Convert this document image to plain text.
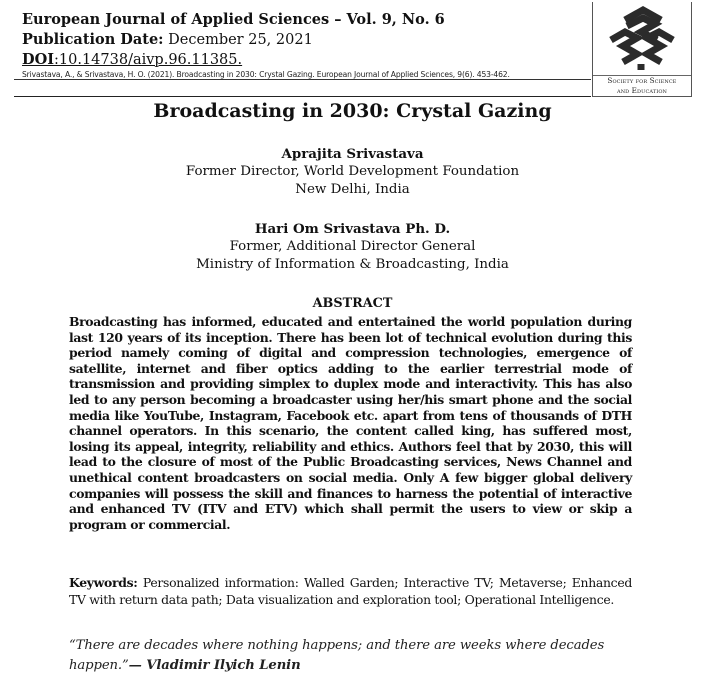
European Journal of Applied Sciences – Vol. 9, No. 6
Publication Date: December 25, 2021
DOI:10.14738/aivp.96.11385.
Srivastava, A., & Srivastava, H. O. (2021). Broadcasting in 2030: Crystal Gazing. European Journal of Applied Sciences, 9(6). 453-462.
Society for Science
and Education
Broadcasting in 2030: Crystal Gazing
Aprajita Srivastava
Former Director, World Development Foundation
New Delhi, India
Hari Om Srivastava Ph. D.
Former, Additional Director General
Ministry of Information & Broadcasting, India
ABSTRACT
Broadcasting has informed, educated and entertained the world population during last 120 years of its inception. There has been lot of technical evolution during this period namely coming of digital and compression technologies, emergence of satellite, internet and fiber optics adding to the earlier terrestrial mode of transmission and providing simplex to duplex mode and interactivity. This has also led to any person becoming a broadcaster using her/his smart phone and the social media like YouTube, Instagram, Facebook etc. apart from tens of thousands of DTH channel operators. In this scenario, the content called king, has suffered most, losing its appeal, integrity, reliability and ethics. Authors feel that by 2030, this will lead to the closure of most of the Public Broadcasting services, News Channel and unethical content broadcasters on social media. Only A few bigger global delivery companies will possess the skill and finances to harness the potential of interactive and enhanced TV (ITV and ETV) which shall permit the users to view or skip a program or commercial.
Keywords: Personalized information: Walled Garden; Interactive TV; Metaverse; Enhanced TV with return data path; Data visualization and exploration tool; Operational Intelligence.
“There are decades where nothing happens; and there are weeks where decades happen.”— Vladimir Ilyich Lenin
